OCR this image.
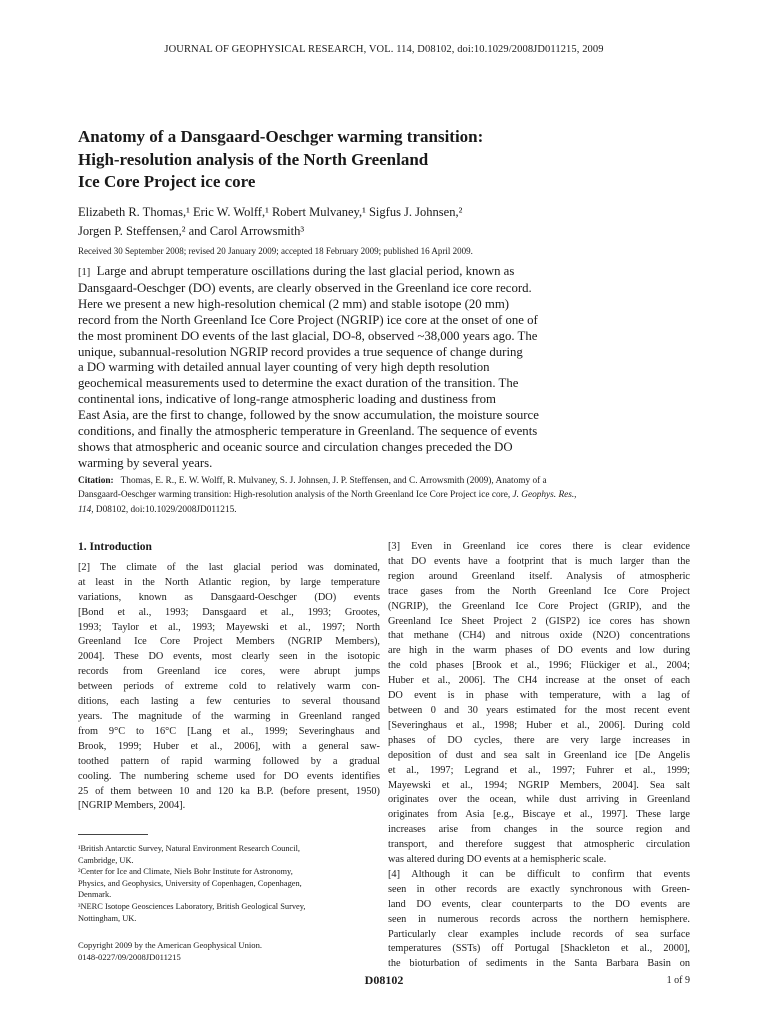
JOURNAL OF GEOPHYSICAL RESEARCH, VOL. 114, D08102, doi:10.1029/2008JD011215, 2009
Anatomy of a Dansgaard-Oeschger warming transition:
High-resolution analysis of the North Greenland
Ice Core Project ice core
Elizabeth R. Thomas,¹ Eric W. Wolff,¹ Robert Mulvaney,¹ Sigfus J. Johnsen,²
Jorgen P. Steffensen,² and Carol Arrowsmith³
Received 30 September 2008; revised 20 January 2009; accepted 18 February 2009; published 16 April 2009.
[1] Large and abrupt temperature oscillations during the last glacial period, known as
Dansgaard-Oeschger (DO) events, are clearly observed in the Greenland ice core record.
Here we present a new high-resolution chemical (2 mm) and stable isotope (20 mm)
record from the North Greenland Ice Core Project (NGRIP) ice core at the onset of one of
the most prominent DO events of the last glacial, DO-8, observed ~38,000 years ago. The
unique, subannual-resolution NGRIP record provides a true sequence of change during
a DO warming with detailed annual layer counting of very high depth resolution
geochemical measurements used to determine the exact duration of the transition. The
continental ions, indicative of long-range atmospheric loading and dustiness from
East Asia, are the first to change, followed by the snow accumulation, the moisture source
conditions, and finally the atmospheric temperature in Greenland. The sequence of events
shows that atmospheric and oceanic source and circulation changes preceded the DO
warming by several years.
Citation: Thomas, E. R., E. W. Wolff, R. Mulvaney, S. J. Johnsen, J. P. Steffensen, and C. Arrowsmith (2009), Anatomy of a
Dansgaard-Oeschger warming transition: High-resolution analysis of the North Greenland Ice Core Project ice core, J. Geophys. Res.,
114, D08102, doi:10.1029/2008JD011215.
1. Introduction
[2] The climate of the last glacial period was dominated,
at least in the North Atlantic region, by large temperature
variations, known as Dansgaard-Oeschger (DO) events
[Bond et al., 1993; Dansgaard et al., 1993; Grootes,
1993; Taylor et al., 1993; Mayewski et al., 1997; North
Greenland Ice Core Project Members (NGRIP Members),
2004]. These DO events, most clearly seen in the isotopic
records from Greenland ice cores, were abrupt jumps
between periods of extreme cold to relatively warm con-
ditions, each lasting a few centuries to several thousand
years. The magnitude of the warming in Greenland ranged
from 9°C to 16°C [Lang et al., 1999; Severinghaus and
Brook, 1999; Huber et al., 2006], with a general saw-
toothed pattern of rapid warming followed by a gradual
cooling. The numbering scheme used for DO events identifies
25 of them between 10 and 120 ka B.P. (before present, 1950)
[NGRIP Members, 2004].
[3] Even in Greenland ice cores there is clear evidence
that DO events have a footprint that is much larger than the
region around Greenland itself. Analysis of atmospheric
trace gases from the North Greenland Ice Core Project
(NGRIP), the Greenland Ice Core Project (GRIP), and the
Greenland Ice Sheet Project 2 (GISP2) ice cores has shown
that methane (CH4) and nitrous oxide (N2O) concentrations
are high in the warm phases of DO events and low during
the cold phases [Brook et al., 1996; Flückiger et al., 2004;
Huber et al., 2006]. The CH4 increase at the onset of each
DO event is in phase with temperature, with a lag of
between 0 and 30 years estimated for the most recent event
[Severinghaus et al., 1998; Huber et al., 2006]. During cold
phases of DO cycles, there are very large increases in
deposition of dust and sea salt in Greenland ice [De Angelis
et al., 1997; Legrand et al., 1997; Fuhrer et al., 1999;
Mayewski et al., 1994; NGRIP Members, 2004]. Sea salt
originates over the ocean, while dust arriving in Greenland
originates from Asia [e.g., Biscaye et al., 1997]. These large
increases arise from changes in the source region and
transport, and therefore suggest that atmospheric circulation
was altered during DO events at a hemispheric scale.
[4] Although it can be difficult to confirm that events
seen in other records are exactly synchronous with Green-
land DO events, clear counterparts to the DO events are
seen in numerous records across the northern hemisphere.
Particularly clear examples include records of sea surface
temperatures (SSTs) off Portugal [Shackleton et al., 2000],
the bioturbation of sediments in the Santa Barbara Basin on
¹British Antarctic Survey, Natural Environment Research Council,
Cambridge, UK.
²Center for Ice and Climate, Niels Bohr Institute for Astronomy,
Physics, and Geophysics, University of Copenhagen, Copenhagen,
Denmark.
³NERC Isotope Geosciences Laboratory, British Geological Survey,
Nottingham, UK.
Copyright 2009 by the American Geophysical Union.
0148-0227/09/2008JD011215
D08102	1 of 9
